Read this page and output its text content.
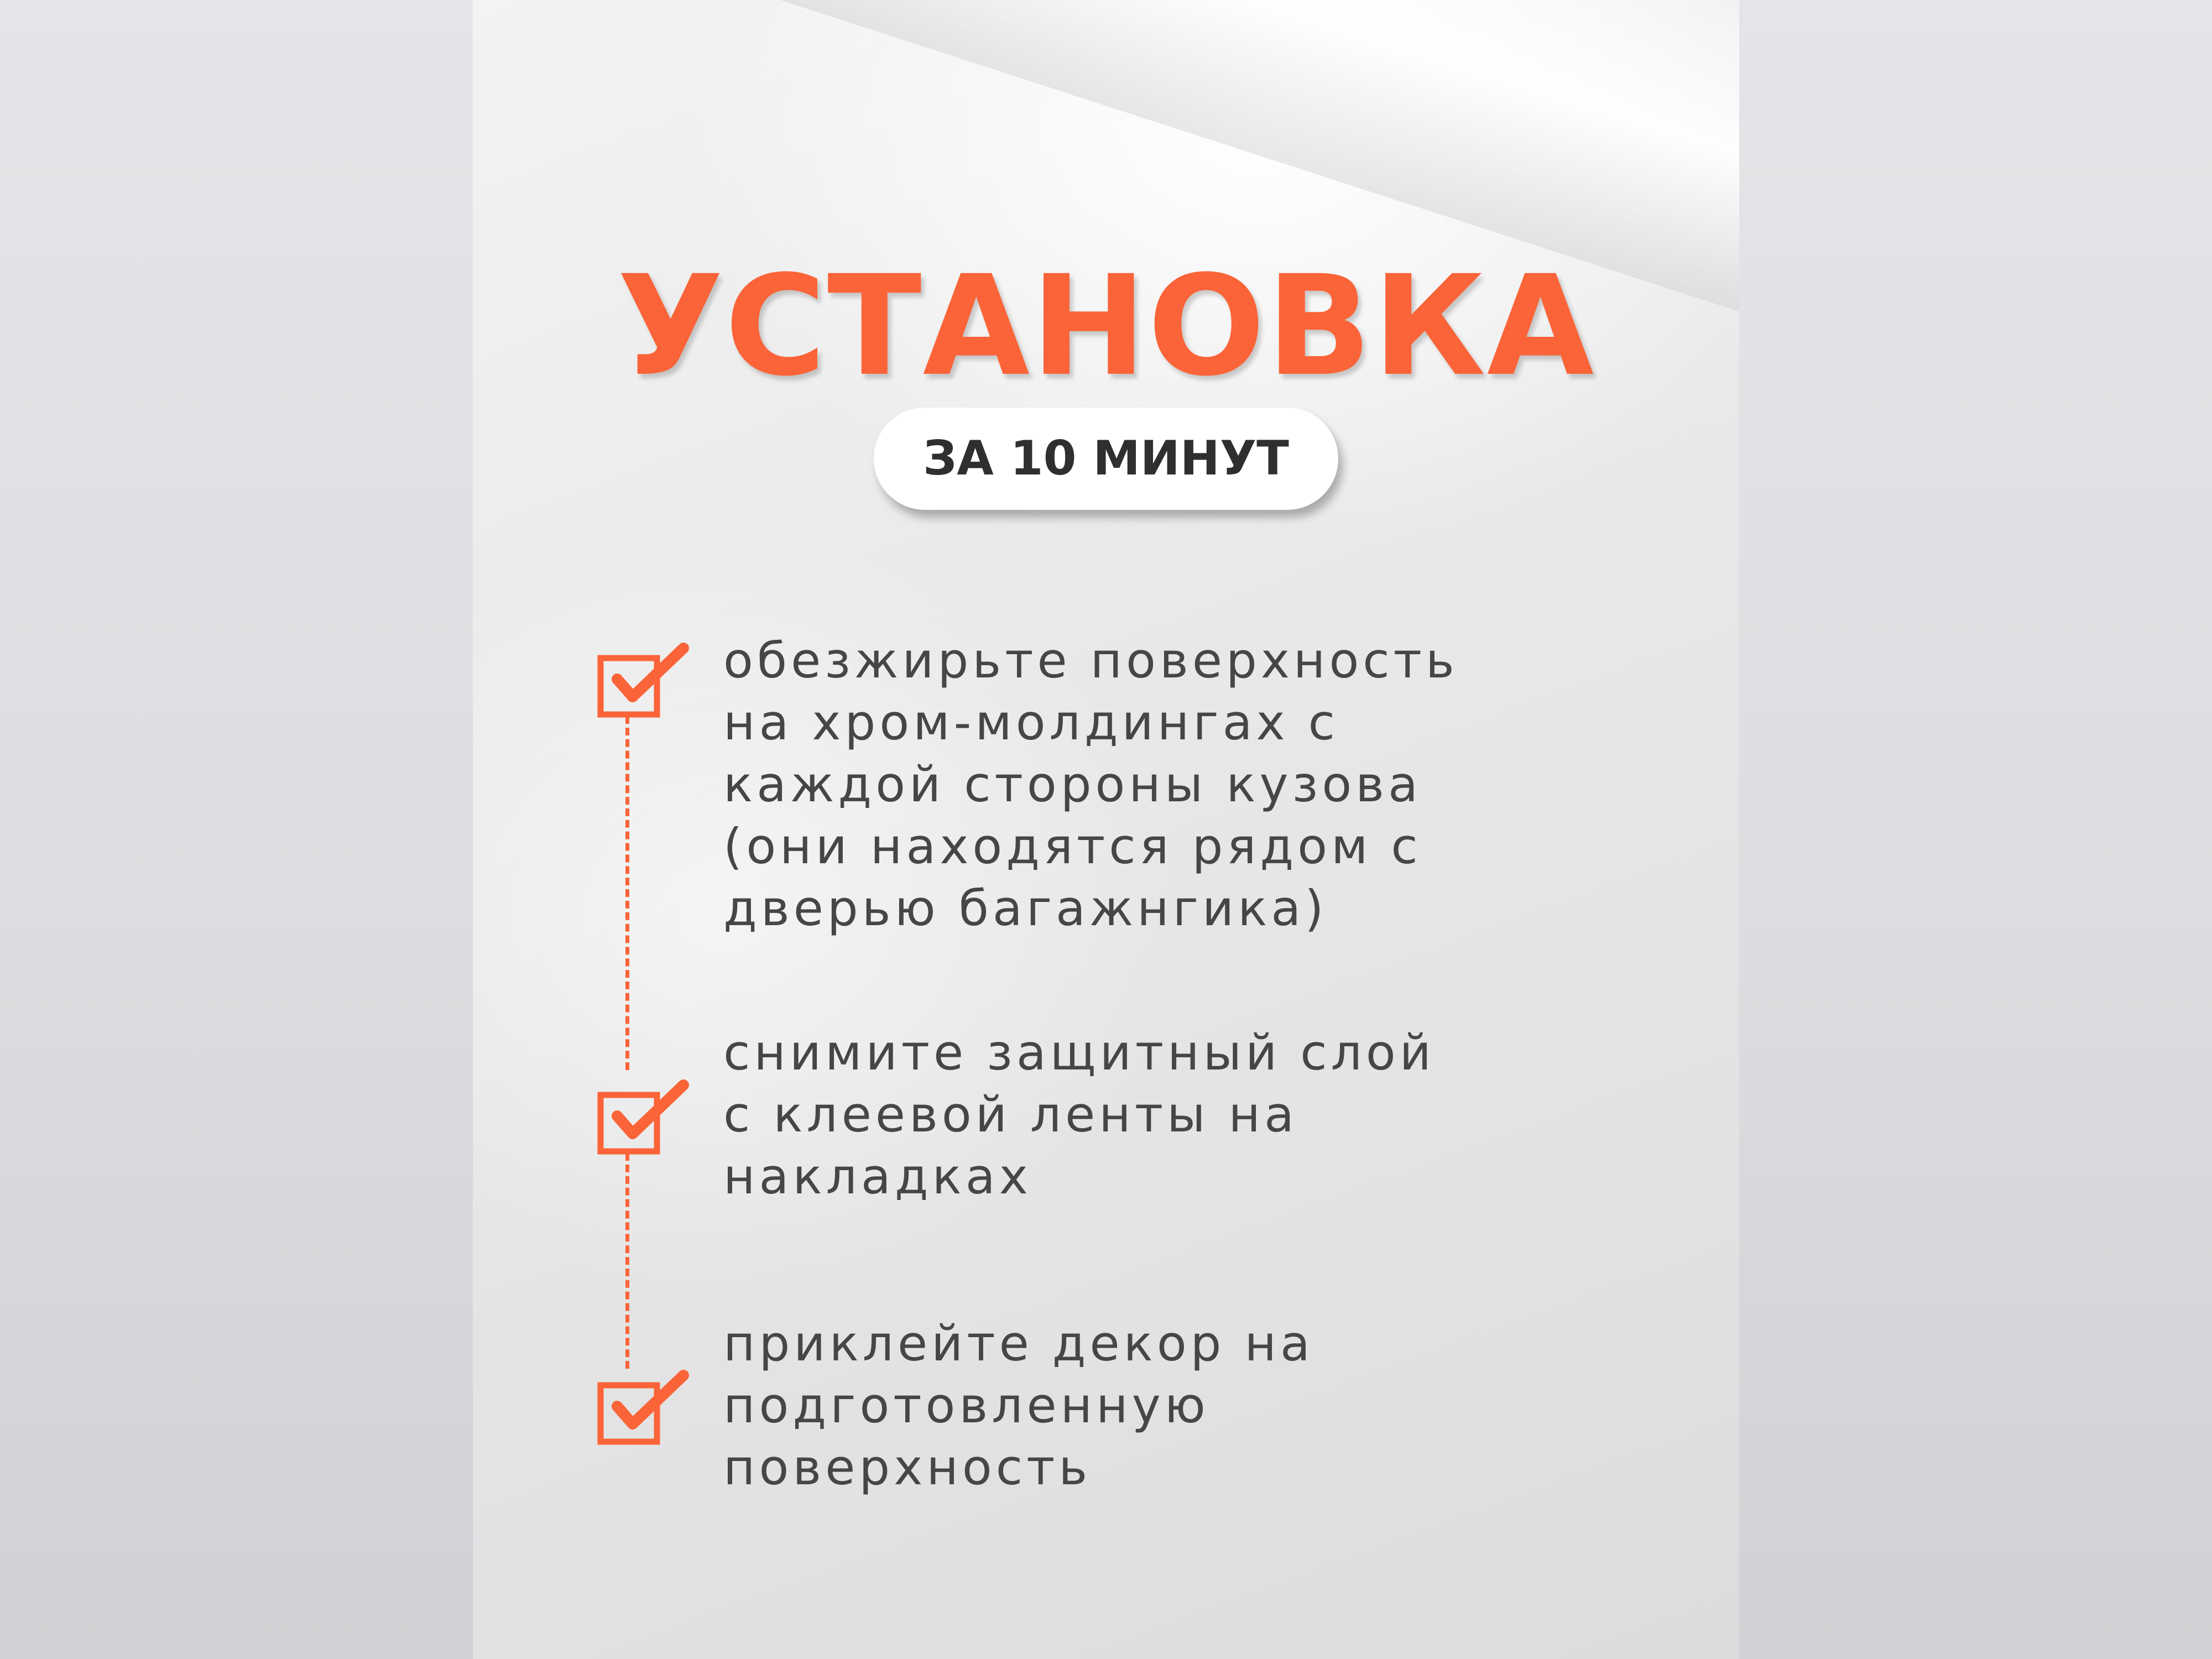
УСТАНОВКА
ЗА 10 МИНУТ
обезжирьте поверхность
на хром-молдингах с
каждой стороны кузова
(они находятся рядом с
дверью багажнгика)
снимите защитный слой
с клеевой ленты на
накладках
приклейте декор на
подготовленную
поверхность
